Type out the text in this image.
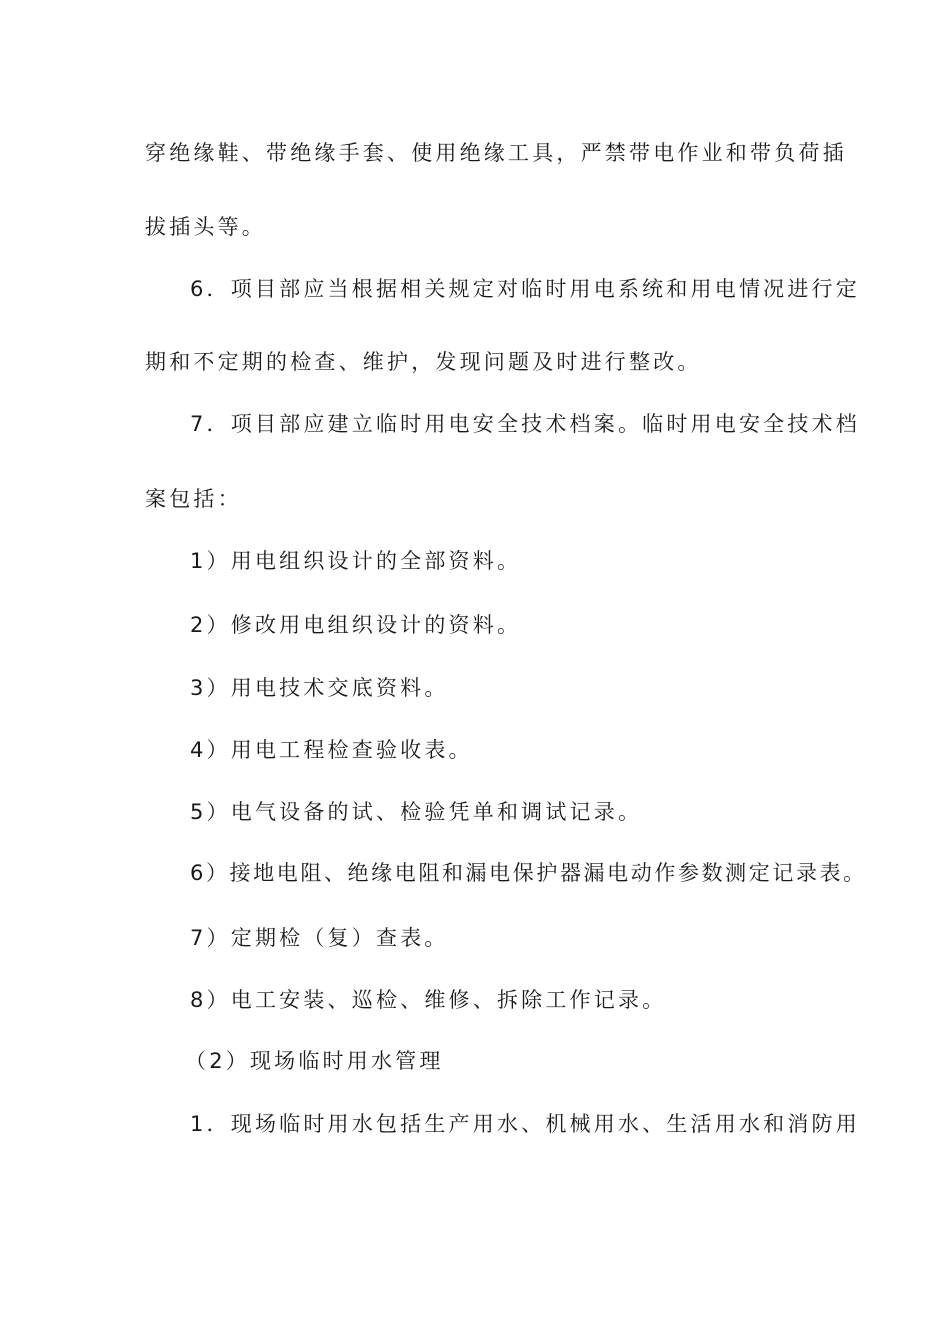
穿绝缘鞋、带绝缘手套、使用绝缘工具，严禁带电作业和带负荷插
拔插头等。
6．项目部应当根据相关规定对临时用电系统和用电情况进行定
期和不定期的检查、维护，发现问题及时进行整改。
7．项目部应建立临时用电安全技术档案。临时用电安全技术档
案包括：
1）用电组织设计的全部资料。
2）修改用电组织设计的资料。
3）用电技术交底资料。
4）用电工程检查验收表。
5）电气设备的试、检验凭单和调试记录。
6）接地电阻、绝缘电阻和漏电保护器漏电动作参数测定记录表。
7）定期检（复）查表。
8）电工安装、巡检、维修、拆除工作记录。
（2）现场临时用水管理
1．现场临时用水包括生产用水、机械用水、生活用水和消防用
